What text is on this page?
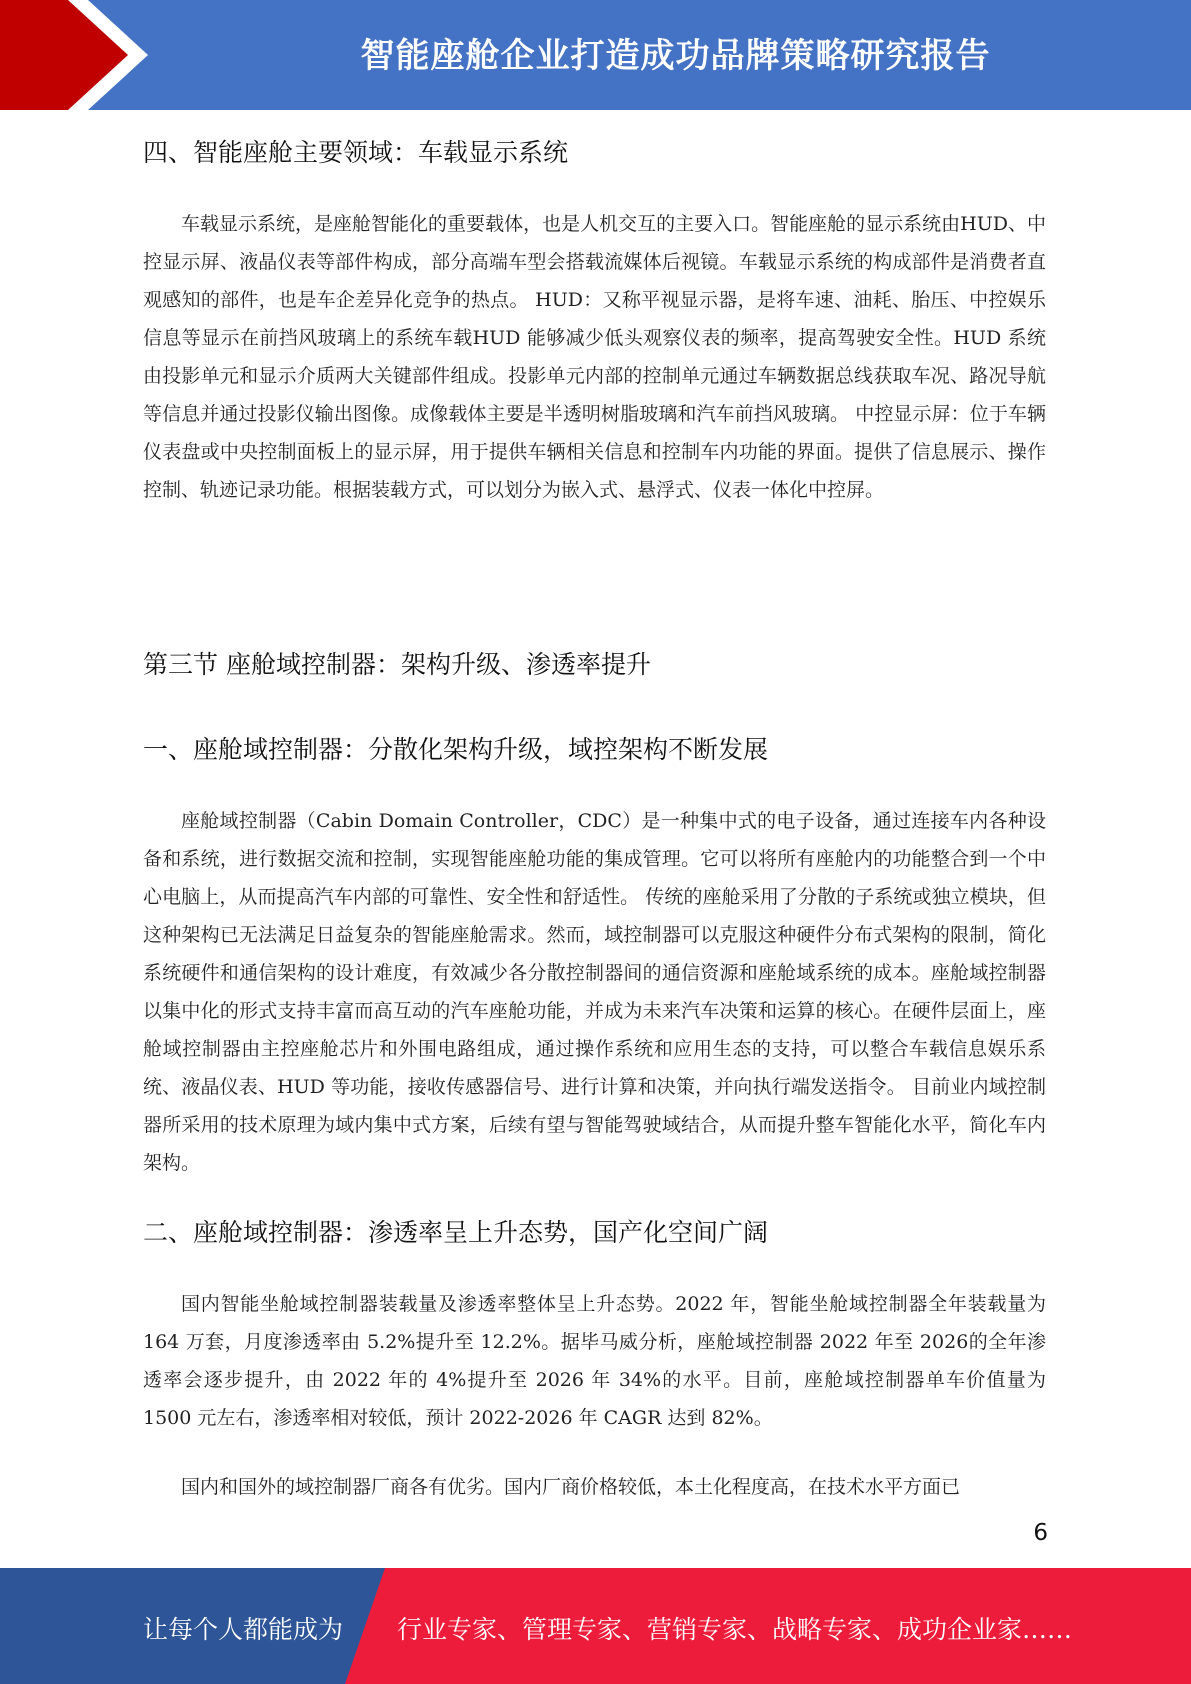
智能座舱企业打造成功品牌策略研究报告
四、智能座舱主要领域：车载显示系统

车载显示系统，是座舱智能化的重要载体，也是人机交互的主要入口。智能座舱的显示系统由HUD、中控显示屏、液晶仪表等部件构成，部分高端车型会搭载流媒体后视镜。车载显示系统的构成部件是消费者直观感知的部件，也是车企差异化竞争的热点。 HUD：又称平视显示器，是将车速、油耗、胎压、中控娱乐信息等显示在前挡风玻璃上的系统车载HUD 能够减少低头观察仪表的频率，提高驾驶安全性。HUD 系统由投影单元和显示介质两大关键部件组成。投影单元内部的控制单元通过车辆数据总线获取车况、路况导航等信息并通过投影仪输出图像。成像载体主要是半透明树脂玻璃和汽车前挡风玻璃。 中控显示屏：位于车辆仪表盘或中央控制面板上的显示屏，用于提供车辆相关信息和控制车内功能的界面。提供了信息展示、操作控制、轨迹记录功能。根据装载方式，可以划分为嵌入式、悬浮式、仪表一体化中控屏。

第三节 座舱域控制器：架构升级、渗透率提升
一、座舱域控制器：分散化架构升级，域控架构不断发展

座舱域控制器（Cabin Domain Controller，CDC）是一种集中式的电子设备，通过连接车内各种设备和系统，进行数据交流和控制，实现智能座舱功能的集成管理。它可以将所有座舱内的功能整合到一个中心电脑上，从而提高汽车内部的可靠性、安全性和舒适性。 传统的座舱采用了分散的子系统或独立模块，但这种架构已无法满足日益复杂的智能座舱需求。然而，域控制器可以克服这种硬件分布式架构的限制，简化系统硬件和通信架构的设计难度，有效减少各分散控制器间的通信资源和座舱域系统的成本。座舱域控制器以集中化的形式支持丰富而高互动的汽车座舱功能，并成为未来汽车决策和运算的核心。在硬件层面上，座舱域控制器由主控座舱芯片和外围电路组成，通过操作系统和应用生态的支持，可以整合车载信息娱乐系统、液晶仪表、HUD 等功能，接收传感器信号、进行计算和决策，并向执行端发送指令。 目前业内域控制器所采用的技术原理为域内集中式方案，后续有望与智能驾驶域结合，从而提升整车智能化水平，简化车内架构。

二、座舱域控制器：渗透率呈上升态势，国产化空间广阔

国内智能坐舱域控制器装载量及渗透率整体呈上升态势。2022 年，智能坐舱域控制器全年装载量为 164 万套，月度渗透率由 5.2%提升至 12.2%。据毕马威分析，座舱域控制器 2022 年至 2026的全年渗透率会逐步提升，由 2022 年的 4%提升至 2026 年 34%的水平。目前，座舱域控制器单车价值量为 1500 元左右，渗透率相对较低，预计 2022-2026 年 CAGR 达到 82%。

国内和国外的域控制器厂商各有优劣。国内厂商价格较低，本土化程度高，在技术水平方面已

6
让每个人都能成为 行业专家、管理专家、营销专家、战略专家、成功企业家……
